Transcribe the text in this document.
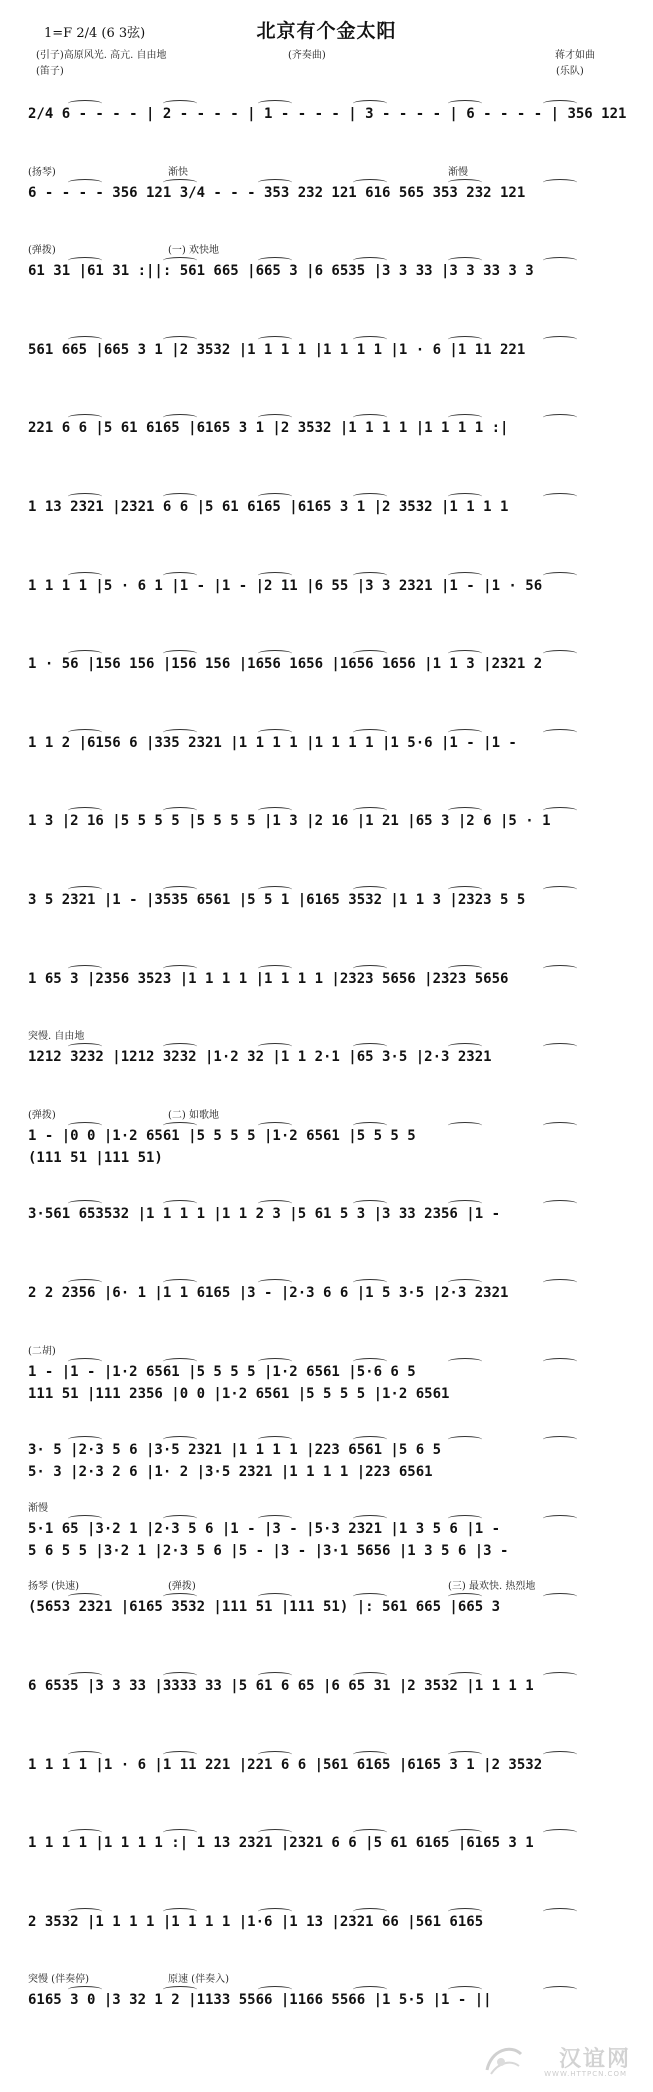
1=F 2/4 (6 3弦)	北京有个金太阳
(引子)高原风光. 高亢. 自由地	(齐奏曲)	蒋才如曲
(笛子)	(乐队)
2/4 6 - - - - | 2 - - - - | 1 - - - - | 3 - - - - | 6 - - - - | 356 121
(扬琴)	渐快	渐慢
6 - - - - 356 121 3/4 - - - 353 232 121 616 565 353 232 121
(弹拨)	(一) 欢快地
61 31 |61 31 :||: 561 665 |665 3 |6 6535 |3 3 33 |3 3 33 3 3
561 665 |665 3 1 |2 3532 |1 1 1 1 |1 1 1 1 |1 · 6 |1 11 221
221 6 6 |5 61 6165 |6165 3 1 |2 3532 |1 1 1 1 |1 1 1 1 :|
1 13 2321 |2321 6 6 |5 61 6165 |6165 3 1 |2 3532 |1 1 1 1
1 1 1 1 |5 · 6 1 |1 - |1 - |2 11 |6 55 |3 3 2321 |1 - |1 · 56
1 · 56 |156 156 |156 156 |1656 1656 |1656 1656 |1 1 3 |2321 2
1 1 2 |6156 6 |335 2321 |1 1 1 1 |1 1 1 1 |1 5·6 |1 - |1 -
1 3 |2 16 |5 5 5 5 |5 5 5 5 |1 3 |2 16 |1 21 |65 3 |2 6 |5 · 1
3 5 2321 |1 - |3535 6561 |5 5 1 |6165 3532 |1 1 3 |2323 5 5
1 65 3 |2356 3523 |1 1 1 1 |1 1 1 1 |2323 5656 |2323 5656
突慢. 自由地
1212 3232 |1212 3232 |1·2 32 |1 1 2·1 |65 3·5 |2·3 2321
(弹拨)	(二) 如歌地
1 - |0 0 |1·2 6561 |5 5 5 5 |1·2 6561 |5 5 5 5
(111 51 |111 51)
3·561 653532 |1 1 1 1 |1 1 2 3 |5 61 5 3 |3 33 2356 |1 -
2 2 2356 |6· 1 |1 1 6165 |3 - |2·3 6 6 |1 5 3·5 |2·3 2321
(二胡)
1 - |1 - |1·2 6561 |5 5 5 5 |1·2 6561 |5·6 6 5
111 51 |111 2356 |0 0 |1·2 6561 |5 5 5 5 |1·2 6561
3· 5 |2·3 5 6 |3·5 2321 |1 1 1 1 |223 6561 |5 6 5
5· 3 |2·3 2 6 |1· 2 |3·5 2321 |1 1 1 1 |223 6561
渐慢
5·1 65 |3·2 1 |2·3 5 6 |1 - |3 - |5·3 2321 |1 3 5 6 |1 -
5 6 5 5 |3·2 1 |2·3 5 6 |5 - |3 - |3·1 5656 |1 3 5 6 |3 -
扬琴 (快速)	(弹拨)	(三) 最欢快. 热烈地
(5653 2321 |6165 3532 |111 51 |111 51) |: 561 665 |665 3
6 6535 |3 3 33 |3333 33 |5 61 6 65 |6 65 31 |2 3532 |1 1 1 1
1 1 1 1 |1 · 6 |1 11 221 |221 6 6 |561 6165 |6165 3 1 |2 3532
1 1 1 1 |1 1 1 1 :| 1 13 2321 |2321 6 6 |5 61 6165 |6165 3 1
2 3532 |1 1 1 1 |1 1 1 1 |1·6 |1 13 |2321 66 |561 6165
突慢 (伴奏停)	原速 (伴奏入)
6165 3 0 |3 32 1 2 |1133 5566 |1166 5566 |1 5·5 |1 - ||
汉谊网
WWW.HTTPCN.COM
